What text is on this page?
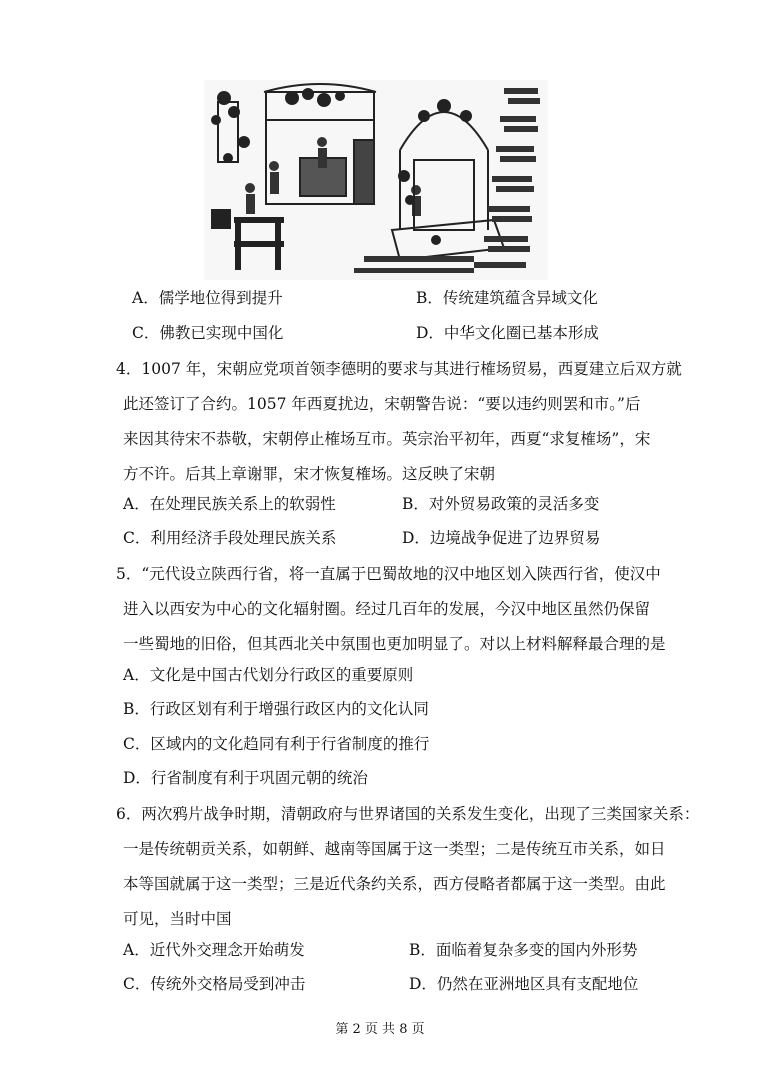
A．儒学地位得到提升	B．传统建筑蕴含异域文化
C．佛教已实现中国化	D．中华文化圈已基本形成
4．1007 年，宋朝应党项首领李德明的要求与其进行榷场贸易，西夏建立后双方就
此还签订了合约。1057 年西夏扰边，宋朝警告说：“要以违约则罢和市。”后
来因其待宋不恭敬，宋朝停止榷场互市。英宗治平初年，西夏“求复榷场”，宋
方不许。后其上章谢罪，宋才恢复榷场。这反映了宋朝
A．在处理民族关系上的软弱性	B．对外贸易政策的灵活多变
C．利用经济手段处理民族关系	D．边境战争促进了边界贸易
5．“元代设立陕西行省，将一直属于巴蜀故地的汉中地区划入陕西行省，使汉中
进入以西安为中心的文化辐射圈。经过几百年的发展，今汉中地区虽然仍保留
一些蜀地的旧俗，但其西北关中氛围也更加明显了。对以上材料解释最合理的是
A．文化是中国古代划分行政区的重要原则
B．行政区划有利于增强行政区内的文化认同
C．区域内的文化趋同有利于行省制度的推行
D．行省制度有利于巩固元朝的统治
6．两次鸦片战争时期，清朝政府与世界诸国的关系发生变化，出现了三类国家关系：
一是传统朝贡关系，如朝鲜、越南等国属于这一类型；二是传统互市关系，如日
本等国就属于这一类型；三是近代条约关系，西方侵略者都属于这一类型。由此
可见，当时中国
A．近代外交理念开始萌发	B．面临着复杂多变的国内外形势
C．传统外交格局受到冲击	D．仍然在亚洲地区具有支配地位
第 2 页 共 8 页
